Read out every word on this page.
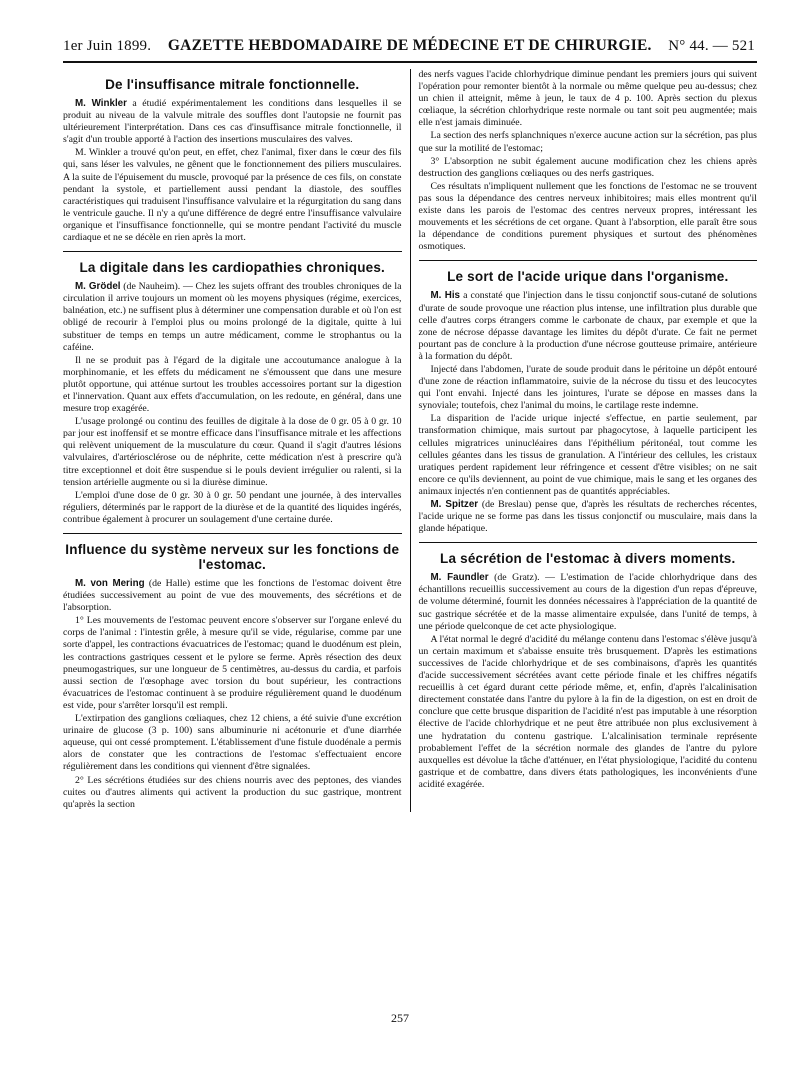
1er Juin 1899. GAZETTE HEBDOMADAIRE DE MÉDECINE ET DE CHIRURGIE. N° 44. — 521
De l'insuffisance mitrale fonctionnelle.

M. Winkler a étudié expérimentalement les conditions dans lesquelles il se produit au niveau de la valvule mitrale des souffles dont l'autopsie ne fournit pas ultérieurement l'interprétation. Dans ces cas d'insuffisance mitrale fonctionnelle, il s'agit d'un trouble apporté à l'action des insertions musculaires des valves.

M. Winkler a trouvé qu'on peut, en effet, chez l'animal, fixer dans le cœur des fils qui, sans léser les valvules, ne gênent que le fonctionnement des piliers musculaires. A la suite de l'épuisement du muscle, provoqué par la présence de ces fils, on constate pendant la systole, et partiellement aussi pendant la diastole, des souffles caractéristiques qui traduisent l'insuffisance valvulaire et la régurgitation du sang dans le ventricule gauche. Il n'y a qu'une différence de degré entre l'insuffisance valvulaire organique et l'insuffisance fonctionnelle, qui se montre pendant l'activité du muscle cardiaque et ne se décèle en rien après la mort.

La digitale dans les cardiopathies chroniques.

M. Grödel (de Nauheim). — Chez les sujets offrant des troubles chroniques de la circulation il arrive toujours un moment où les moyens physiques (régime, exercices, balnéation, etc.) ne suffisent plus à déterminer une compensation durable et où l'on est obligé de recourir à l'emploi plus ou moins prolongé de la digitale, quitte à lui substituer de temps en temps un autre médicament, comme le strophantus ou la caféine.

Il ne se produit pas à l'égard de la digitale une accoutumance analogue à la morphinomanie, et les effets du médicament ne s'émoussent que dans une mesure plutôt opportune, qui atténue surtout les troubles accessoires portant sur la digestion et l'innervation. Quant aux effets d'accumulation, on les redoute, en général, dans une mesure trop exagérée.

L'usage prolongé ou continu des feuilles de digitale à la dose de 0 gr. 05 à 0 gr. 10 par jour est inoffensif et se montre efficace dans l'insuffisance mitrale et les affections qui relèvent uniquement de la musculature du cœur. Quand il s'agit d'autres lésions valvulaires, d'artériosclérose ou de néphrite, cette médication n'est à prescrire qu'à titre exceptionnel et doit être suspendue si le pouls devient irrégulier ou ralenti, si la tension artérielle augmente ou si la diurèse diminue.

L'emploi d'une dose de 0 gr. 30 à 0 gr. 50 pendant une journée, à des intervalles réguliers, déterminés par le rapport de la diurèse et de la quantité des liquides ingérés, contribue également à procurer un soulagement d'une certaine durée.

Influence du système nerveux sur les fonctions de l'estomac.

M. von Mering (de Halle) estime que les fonctions de l'estomac doivent être étudiées successivement au point de vue des mouvements, des sécrétions et de l'absorption.

1° Les mouvements de l'estomac peuvent encore s'observer sur l'organe enlevé du corps de l'animal : l'intestin grêle, à mesure qu'il se vide, régularise, comme par une sorte d'appel, les contractions évacuatrices de l'estomac; quand le duodénum est plein, les contractions gastriques cessent et le pylore se ferme. Après résection des deux pneumogastriques, sur une longueur de 5 centimètres, au-dessus du cardia, et parfois aussi section de l'œsophage avec torsion du bout supérieur, les contractions évacuatrices de l'estomac continuent à se produire régulièrement quand le duodénum est vide, pour s'arrêter lorsqu'il est rempli.

L'extirpation des ganglions cœliaques, chez 12 chiens, a été suivie d'une excrétion urinaire de glucose (3 p. 100) sans albuminurie ni acétonurie et d'une diarrhée aqueuse, qui ont cessé promptement. L'établissement d'une fistule duodénale a permis alors de constater que les contractions de l'estomac s'effectuaient encore régulièrement dans les conditions qui viennent d'être signalées.

2° Les sécrétions étudiées sur des chiens nourris avec des peptones, des viandes cuites ou d'autres aliments qui activent la production du suc gastrique, montrent qu'après la section

des nerfs vagues l'acide chlorhydrique diminue pendant les premiers jours qui suivent l'opération pour remonter bientôt à la normale ou même quelque peu au-dessus; chez un chien il atteignit, même à jeun, le taux de 4 p. 100. Après section du plexus cœliaque, la sécrétion chlorhydrique reste normale ou tant soit peu augmentée; mais elle n'est jamais diminuée.

La section des nerfs splanchniques n'exerce aucune action sur la sécrétion, pas plus que sur la motilité de l'estomac;

3° L'absorption ne subit également aucune modification chez les chiens après destruction des ganglions cœliaques ou des nerfs gastriques.

Ces résultats n'impliquent nullement que les fonctions de l'estomac ne se trouvent pas sous la dépendance des centres nerveux inhibitoires; mais elles montrent qu'il existe dans les parois de l'estomac des centres nerveux propres, intéressant les mouvements et les sécrétions de cet organe. Quant à l'absorption, elle paraît être sous la dépendance de conditions purement physiques et surtout des phénomènes osmotiques.

Le sort de l'acide urique dans l'organisme.

M. His a constaté que l'injection dans le tissu conjonctif sous-cutané de solutions d'urate de soude provoque une réaction plus intense, une infiltration plus durable que celle d'autres corps étrangers comme le carbonate de chaux, par exemple et que la zone de nécrose dépasse davantage les limites du dépôt d'urate. Ce fait ne permet pourtant pas de conclure à la production d'une nécrose goutteuse primaire, antérieure à la formation du dépôt.

Injecté dans l'abdomen, l'urate de soude produit dans le péritoine un dépôt entouré d'une zone de réaction inflammatoire, suivie de la nécrose du tissu et des leucocytes qui l'ont envahi. Injecté dans les jointures, l'urate se dépose en masses dans la synoviale; toutefois, chez l'animal du moins, le cartilage reste indemne.

La disparition de l'acide urique injecté s'effectue, en partie seulement, par transformation chimique, mais surtout par phagocytose, à laquelle participent les cellules migratrices uninucléaires dans l'épithélium péritonéal, tout comme les cellules géantes dans les tissus de granulation. A l'intérieur des cellules, les cristaux uratiques perdent rapidement leur réfringence et cessent d'être visibles; on ne sait encore ce qu'ils deviennent, au point de vue chimique, mais le sang et les organes des animaux injectés n'en contiennent pas de quantités appréciables.

M. Spitzer (de Breslau) pense que, d'après les résultats de recherches récentes, l'acide urique ne se forme pas dans les tissus conjonctif ou musculaire, mais dans la glande hépatique.

La sécrétion de l'estomac à divers moments.

M. Faundler (de Gratz). — L'estimation de l'acide chlorhydrique dans des échantillons recueillis successivement au cours de la digestion d'un repas d'épreuve, de volume déterminé, fournit les données nécessaires à l'appréciation de la quantité de suc gastrique sécrétée et de la masse alimentaire expulsée, dans l'unité de temps, à une période quelconque de cet acte physiologique.

A l'état normal le degré d'acidité du mélange contenu dans l'estomac s'élève jusqu'à un certain maximum et s'abaisse ensuite très brusquement. D'après les estimations successives de l'acide chlorhydrique et de ses combinaisons, d'après les quantités d'acide successivement sécrétées avant cette période finale et les chiffres négatifs recueillis à cet égard durant cette période même, et, enfin, d'après l'alcalinisation directement constatée dans l'antre du pylore à la fin de la digestion, on est en droit de conclure que cette brusque disparition de l'acidité n'est pas imputable à une résorption élective de l'acide chlorhydrique et ne peut être attribuée non plus exclusivement à une hydratation du contenu gastrique. L'alcalinisation terminale représente probablement l'effet de la sécrétion normale des glandes de l'antre du pylore auxquelles est dévolue la tâche d'atténuer, en l'état physiologique, l'acidité du contenu gastrique et de combattre, dans divers états pathologiques, les inconvénients d'une acidité exagérée.

257
